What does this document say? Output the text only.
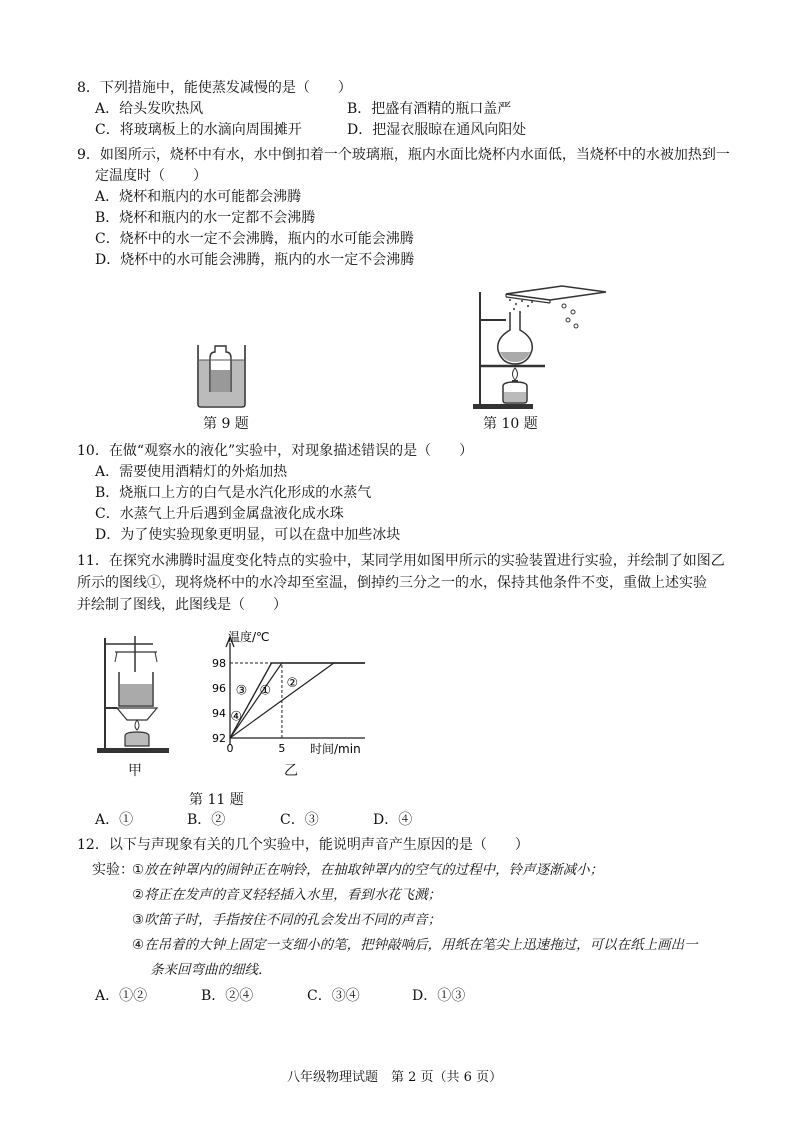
8．下列措施中，能使蒸发减慢的是（　　）
A．给头发吹热风	B．把盛有酒精的瓶口盖严
C．将玻璃板上的水滴向周围摊开	D．把湿衣服晾在通风向阳处
9．如图所示，烧杯中有水，水中倒扣着一个玻璃瓶，瓶内水面比烧杯内水面低，当烧杯中的水被加热到一
定温度时（　　）
A．烧杯和瓶内的水可能都会沸腾
B．烧杯和瓶内的水一定都不会沸腾
C．烧杯中的水一定不会沸腾，瓶内的水可能会沸腾
D．烧杯中的水可能会沸腾，瓶内的水一定不会沸腾
第 9 题	第 10 题
10．在做“观察水的液化”实验中，对现象描述错误的是（　　）
A．需要使用酒精灯的外焰加热
B．烧瓶口上方的白气是水汽化形成的水蒸气
C．水蒸气上升后遇到金属盘液化成水珠
D．为了使实验现象更明显，可以在盘中加些冰块
11．在探究水沸腾时温度变化特点的实验中，某同学用如图甲所示的实验装置进行实验，并绘制了如图乙
所示的图线①，现将烧杯中的水冷却至室温，倒掉约三分之一的水，保持其他条件不变，重做上述实验
并绘制了图线，此图线是（　　）
甲
92
94
96
98
0	5
温度/℃
时间/min
① ②
③
④
乙
第 11 题
A．①	B．②	C．③	D．④
12．以下与声现象有关的几个实验中，能说明声音产生原因的是（　　）
实验：
①放在钟罩内的闹钟正在响铃，在抽取钟罩内的空气的过程中，铃声逐渐减小；
②将正在发声的音叉轻轻插入水里，看到水花飞溅；
③吹笛子时，手指按住不同的孔会发出不同的声音；
④在吊着的大钟上固定一支细小的笔，把钟敲响后，用纸在笔尖上迅速拖过，可以在纸上画出一
条来回弯曲的细线．
A．①②	B．②④	C．③④	D．①③
八年级物理试题　第 2 页（共 6 页）
